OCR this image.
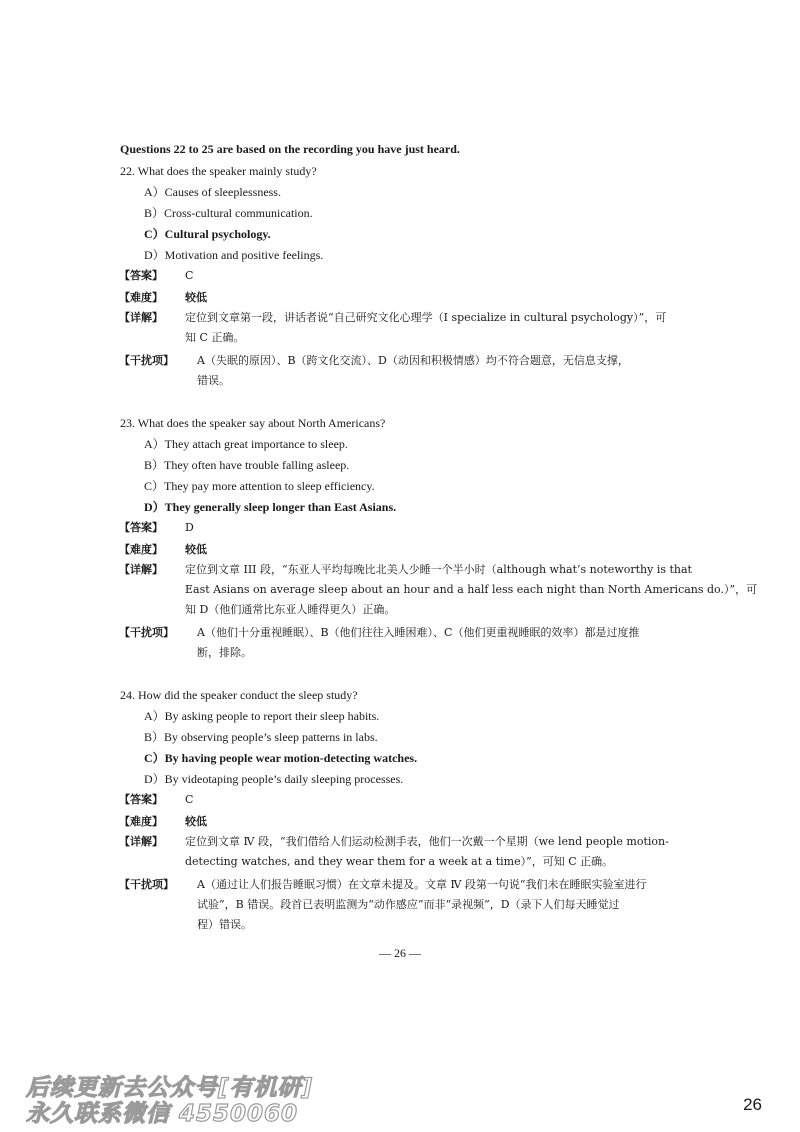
Questions 22 to 25 are based on the recording you have just heard.
22. What does the speaker mainly study?
A）Causes of sleeplessness.
B）Cross-cultural communication.
C）Cultural psychology.
D）Motivation and positive feelings.
【答案】 C
【难度】 较低
【详解】 定位到文章第一段，讲话者说“自己研究文化心理学（I specialize in cultural psychology）”，可
知 C 正确。
【干扰项】 A（失眠的原因）、B（跨文化交流）、D（动因和积极情感）均不符合题意，无信息支撑，
错误。
23. What does the speaker say about North Americans?
A）They attach great importance to sleep.
B）They often have trouble falling asleep.
C）They pay more attention to sleep efficiency.
D）They generally sleep longer than East Asians.
【答案】 D
【难度】 较低
【详解】 定位到文章 III 段，“东亚人平均每晚比北美人少睡一个半小时（although what’s noteworthy is that
East Asians on average sleep about an hour and a half less each night than North Americans do.）”，可
知 D（他们通常比东亚人睡得更久）正确。
【干扰项】 A（他们十分重视睡眠）、B（他们往往入睡困难）、C（他们更重视睡眠的效率）都是过度推
断，排除。
24. How did the speaker conduct the sleep study?
A）By asking people to report their sleep habits.
B）By observing people’s sleep patterns in labs.
C）By having people wear motion-detecting watches.
D）By videotaping people’s daily sleeping processes.
【答案】 C
【难度】 较低
【详解】 定位到文章 Ⅳ 段，“我们借给人们运动检测手表，他们一次戴一个星期（we lend people motion-
detecting watches, and they wear them for a week at a time）”，可知 C 正确。
【干扰项】 A（通过让人们报告睡眠习惯）在文章未提及。文章 Ⅳ 段第一句说“我们未在睡眠实验室进行
试验”，B 错误。段首已表明监测为“动作感应”而非“录视频”，D（录下人们每天睡觉过
程）错误。
— 26 —
后续更新去公众号[有机研]
永久联系微信 4550060	26
